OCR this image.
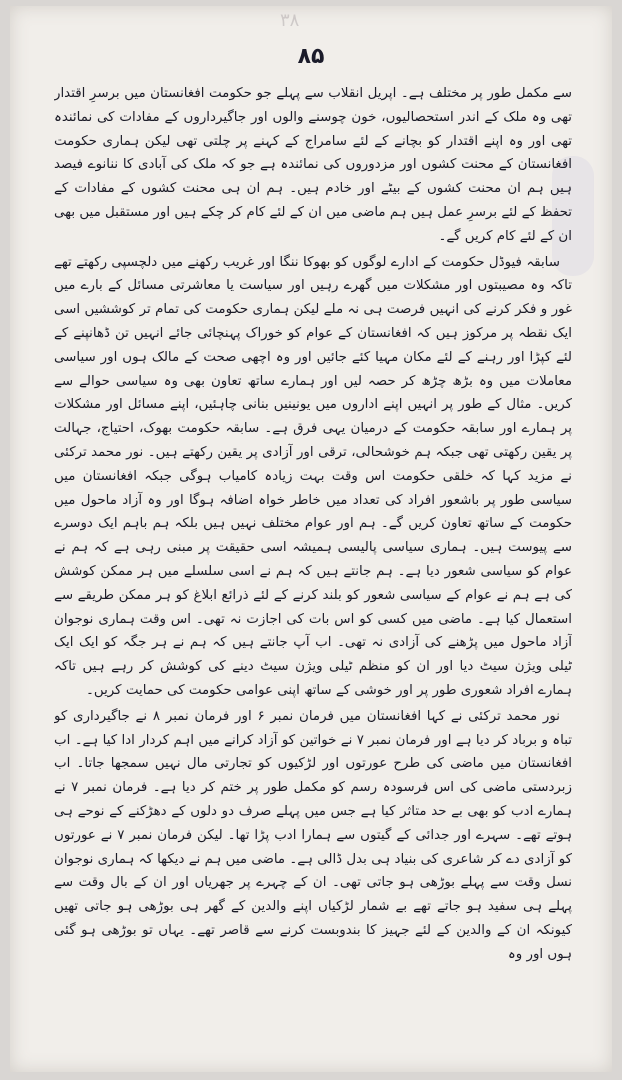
٣٨
۸۵

سے مکمل طور پر مختلف ہے۔ اپریل انقلاب سے پہلے جو حکومت افغانستان میں برسرِ اقتدار تھی وہ ملک کے اندر استحصالیوں، خون چوسنے والوں اور جاگیرداروں کے مفادات کی نمائندہ تھی اور وہ اپنے اقتدار کو بچانے کے لئے سامراج کے کہنے پر چلتی تھی لیکن ہماری حکومت افغانستان کے محنت کشوں اور مزدوروں کی نمائندہ ہے جو کہ ملک کی آبادی کا ننانوے فیصد ہیں ہم ان محنت کشوں کے بیٹے اور خادم ہیں۔ ہم ان ہی محنت کشوں کے مفادات کے تحفظ کے لئے برسرِ عمل ہیں ہم ماضی میں ان کے لئے کام کر چکے ہیں اور مستقبل میں بھی ان کے لئے کام کریں گے۔

سابقہ فیوڈل حکومت کے ادارے لوگوں کو بھوکا ننگا اور غریب رکھنے میں دلچسپی رکھتے تھے تاکہ وہ مصیبتوں اور مشکلات میں گھرے رہیں اور سیاست یا معاشرتی مسائل کے بارے میں غور و فکر کرنے کی انہیں فرصت ہی نہ ملے لیکن ہماری حکومت کی تمام تر کوششیں اسی ایک نقطہ پر مرکوز ہیں کہ افغانستان کے عوام کو خوراک پہنچائی جائے انہیں تن ڈھانپنے کے لئے کپڑا اور رہنے کے لئے مکان مہیا کئے جائیں اور وہ اچھی صحت کے مالک ہوں اور سیاسی معاملات میں وہ بڑھ چڑھ کر حصہ لیں اور ہمارے ساتھ تعاون بھی وہ سیاسی حوالے سے کریں۔ مثال کے طور پر انہیں اپنے اداروں میں یونینیں بنانی چاہئیں، اپنے مسائل اور مشکلات پر ہمارے اور سابقہ حکومت کے درمیان یہی فرق ہے۔ سابقہ حکومت بھوک، احتیاج، جہالت پر یقین رکھتی تھی جبکہ ہم خوشحالی، ترقی اور آزادی پر یقین رکھتے ہیں۔ نور محمد ترکئی نے مزید کہا کہ خلقی حکومت اس وقت بہت زیادہ کامیاب ہوگی جبکہ افغانستان میں سیاسی طور پر باشعور افراد کی تعداد میں خاطر خواہ اضافہ ہوگا اور وہ آزاد ماحول میں حکومت کے ساتھ تعاون کریں گے۔ ہم اور عوام مختلف نہیں ہیں بلکہ ہم باہم ایک دوسرے سے پیوست ہیں۔ ہماری سیاسی پالیسی ہمیشہ اسی حقیقت پر مبنی رہی ہے کہ ہم نے عوام کو سیاسی شعور دیا ہے۔ ہم جانتے ہیں کہ ہم نے اسی سلسلے میں ہر ممکن کوشش کی ہے ہم نے عوام کے سیاسی شعور کو بلند کرنے کے لئے ذرائع ابلاغ کو ہر ممکن طریقے سے استعمال کیا ہے۔ ماضی میں کسی کو اس بات کی اجازت نہ تھی۔ اس وقت ہماری نوجوان آزاد ماحول میں پڑھنے کی آزادی نہ تھی۔ اب آپ جانتے ہیں کہ ہم نے ہر جگہ کو ایک ایک ٹیلی ویژن سیٹ دیا اور ان کو منظم ٹیلی ویژن سیٹ دینے کی کوشش کر رہے ہیں تاکہ ہمارے افراد شعوری طور پر اور خوشی کے ساتھ اپنی عوامی حکومت کی حمایت کریں۔

نور محمد ترکئی نے کہا افغانستان میں فرمان نمبر ۶ اور فرمان نمبر ۸ نے جاگیرداری کو تباہ و برباد کر دیا ہے اور فرمان نمبر ۷ نے خواتین کو آزاد کرانے میں اہم کردار ادا کیا ہے۔ اب افغانستان میں ماضی کی طرح عورتوں اور لڑکیوں کو تجارتی مال نہیں سمجھا جاتا۔ اب زبردستی ماضی کی اس فرسودہ رسم کو مکمل طور پر ختم کر دیا ہے۔ فرمان نمبر ۷ نے ہمارے ادب کو بھی بے حد متاثر کیا ہے جس میں پہلے صرف دو دلوں کے دھڑکنے کے نوحے ہی ہوتے تھے۔ سہرے اور جدائی کے گیتوں سے ہمارا ادب پڑا تھا۔ لیکن فرمان نمبر ۷ نے عورتوں کو آزادی دے کر شاعری کی بنیاد ہی بدل ڈالی ہے۔ ماضی میں ہم نے دیکھا کہ ہماری نوجوان نسل وقت سے پہلے بوڑھی ہو جاتی تھی۔ ان کے چہرے پر جھریاں اور ان کے بال وقت سے پہلے ہی سفید ہو جاتے تھے بے شمار لڑکیاں اپنے والدین کے گھر ہی بوڑھی ہو جاتی تھیں کیونکہ ان کے والدین کے لئے جہیز کا بندوبست کرنے سے قاصر تھے۔ یہاں تو بوڑھی ہو گئی ہوں اور وہ
